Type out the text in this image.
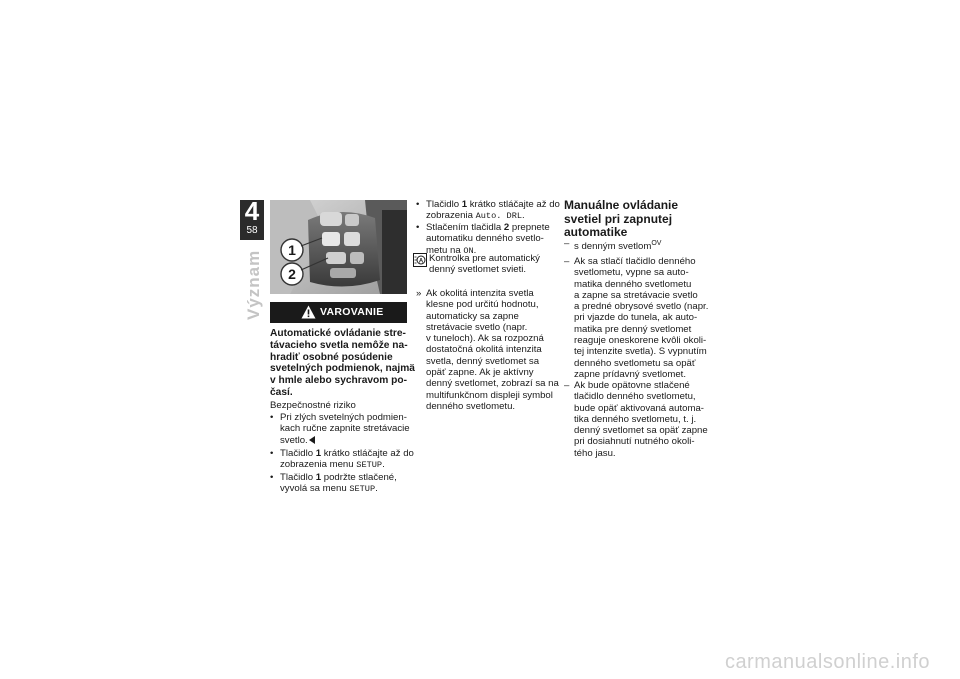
4
58
Význam 1
2
VAROVANIE
Automatické ovládanie stre-
távacieho svetla nemôže na-
hradiť osobné posúdenie
svetelných podmienok, najmä
v hmle alebo sychravom po-
časí.
Bezpečnostné riziko
• Pri zlých svetelných podmien-
kach ručne zapnite stretávacie
svetlo.
• Tlačidlo 1 krátko stláčajte až do
zobrazenia menu SETUP.
• Tlačidlo 1 podržte stlačené,
vyvolá sa menu SETUP.
• Tlačidlo 1 krátko stláčajte až do
zobrazenia Auto. DRL.
• Stlačením tlačidla 2 prepnete
automatiku denného svetlo-
metu na ON.
A Kontrolka pre automatický
denný svetlomet svieti.
» Ak okolitá intenzita svetla
klesne pod určitú hodnotu,
automaticky sa zapne
stretávacie svetlo (napr.
v tuneloch). Ak sa rozpozná
dostatočná okolitá intenzita
svetla, denný svetlomet sa
opäť zapne. Ak je aktívny
denný svetlomet, zobrazí sa na
multifunkčnom displeji symbol
denného svetlometu.
Manuálne ovládanie
svetiel pri zapnutej
automatike
– s denným svetlom$^{OV}$
– Ak sa stlačí tlačidlo denného
svetlometu, vypne sa auto-
matika denného svetlometu
a zapne sa stretávacie svetlo
a predné obrysové svetlo (napr.
pri vjazde do tunela, ak auto-
matika pre denný svetlomet
reaguje oneskorene kvôli okoli-
tej intenzite svetla). S vypnutím
denného svetlometu sa opäť
zapne prídavný svetlomet.
– Ak bude opätovne stlačené
tlačidlo denného svetlometu,
bude opäť aktivovaná automa-
tika denného svetlometu, t. j.
denný svetlomet sa opäť zapne
pri dosiahnutí nutného okoli-
tého jasu.
carmanualsonline.info
